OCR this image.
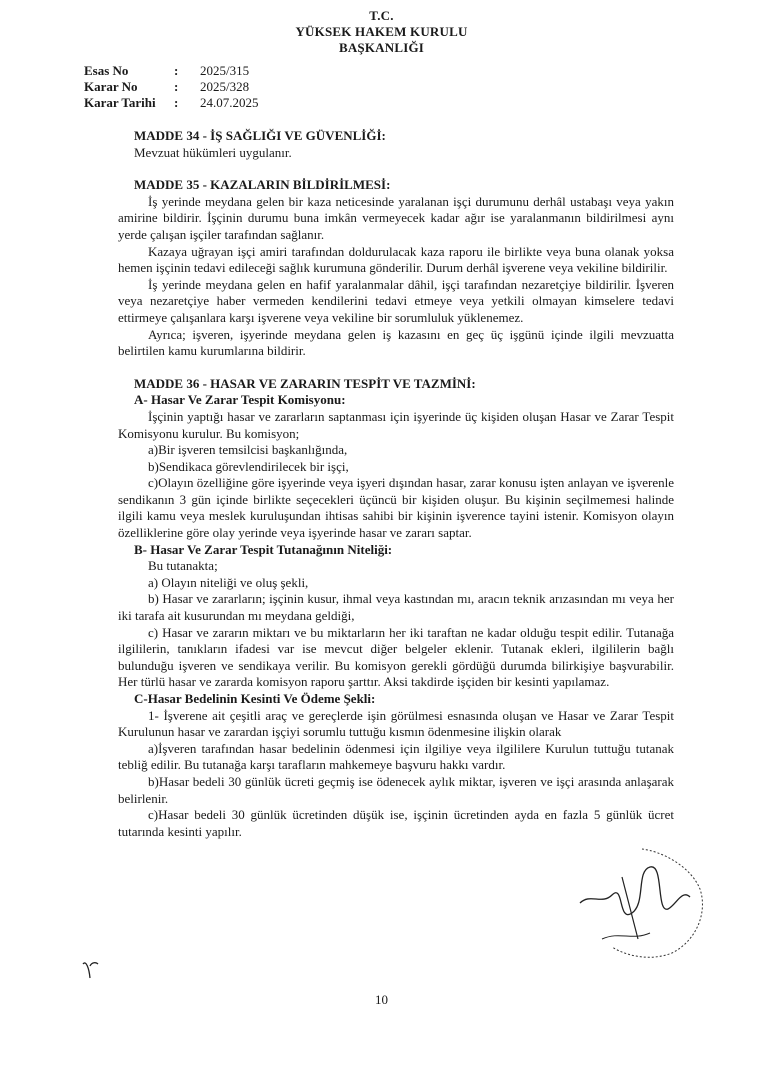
T.C.
YÜKSEK HAKEM KURULU
BAŞKANLIĞI
Esas No	: 2025/315
Karar No	: 2025/328
Karar Tarihi : 24.07.2025

MADDE 34 - İŞ SAĞLIĞI VE GÜVENLİĞİ:

Mevzuat hükümleri uygulanır.

MADDE 35 - KAZALARIN BİLDİRİLMESİ:

İş yerinde meydana gelen bir kaza neticesinde yaralanan işçi durumunu derhâl ustabaşı veya yakın amirine bildirir. İşçinin durumu buna imkân vermeyecek kadar ağır ise yaralanmanın bildirilmesi aynı yerde çalışan işçiler tarafından sağlanır.

Kazaya uğrayan işçi amiri tarafından doldurulacak kaza raporu ile birlikte veya buna olanak yoksa hemen işçinin tedavi edileceği sağlık kurumuna gönderilir. Durum derhâl işverene veya vekiline bildirilir.

İş yerinde meydana gelen en hafif yaralanmalar dâhil, işçi tarafından nezaretçiye bildirilir. İşveren veya nezaretçiye haber vermeden kendilerini tedavi etmeye veya yetkili olmayan kimselere tedavi ettirmeye çalışanlara karşı işverene veya vekiline bir sorumluluk yüklenemez.

Ayrıca; işveren, işyerinde meydana gelen iş kazasını en geç üç işgünü içinde ilgili mevzuatta belirtilen kamu kurumlarına bildirir.

MADDE 36 - HASAR VE ZARARIN TESPİT VE TAZMİNİ:

A- Hasar Ve Zarar Tespit Komisyonu:

İşçinin yaptığı hasar ve zararların saptanması için işyerinde üç kişiden oluşan Hasar ve Zarar Tespit Komisyonu kurulur. Bu komisyon;

a)Bir işveren temsilcisi başkanlığında,

b)Sendikaca görevlendirilecek bir işçi,

c)Olayın özelliğine göre işyerinde veya işyeri dışından hasar, zarar konusu işten anlayan ve işverenle sendikanın 3 gün içinde birlikte seçecekleri üçüncü bir kişiden oluşur. Bu kişinin seçilmemesi halinde ilgili kamu veya meslek kuruluşundan ihtisas sahibi bir kişinin işverence tayini istenir. Komisyon olayın özelliklerine göre olay yerinde veya işyerinde hasar ve zararı saptar.

B- Hasar Ve Zarar Tespit Tutanağının Niteliği:

Bu tutanakta;

a) Olayın niteliği ve oluş şekli,

b) Hasar ve zararların; işçinin kusur, ihmal veya kastından mı, aracın teknik arızasından mı veya her iki tarafa ait kusurundan mı meydana geldiği,

c) Hasar ve zararın miktarı ve bu miktarların her iki taraftan ne kadar olduğu tespit edilir. Tutanağa ilgililerin, tanıkların ifadesi var ise mevcut diğer belgeler eklenir. Tutanak ekleri, ilgililerin bağlı bulunduğu işveren ve sendikaya verilir. Bu komisyon gerekli gördüğü durumda bilirkişiye başvurabilir. Her türlü hasar ve zararda komisyon raporu şarttır. Aksi takdirde işçiden bir kesinti yapılamaz.

C-Hasar Bedelinin Kesinti Ve Ödeme Şekli:

1- İşverene ait çeşitli araç ve gereçlerde işin görülmesi esnasında oluşan ve Hasar ve Zarar Tespit Kurulunun hasar ve zarardan işçiyi sorumlu tuttuğu kısmın ödenmesine ilişkin olarak

a)İşveren tarafından hasar bedelinin ödenmesi için ilgiliye veya ilgililere Kurulun tuttuğu tutanak tebliğ edilir. Bu tutanağa karşı tarafların mahkemeye başvuru hakkı vardır.

b)Hasar bedeli 30 günlük ücreti geçmiş ise ödenecek aylık miktar, işveren ve işçi arasında anlaşarak belirlenir.

c)Hasar bedeli 30 günlük ücretinden düşük ise, işçinin ücretinden ayda en fazla 5 günlük ücret tutarında kesinti yapılır.

10
